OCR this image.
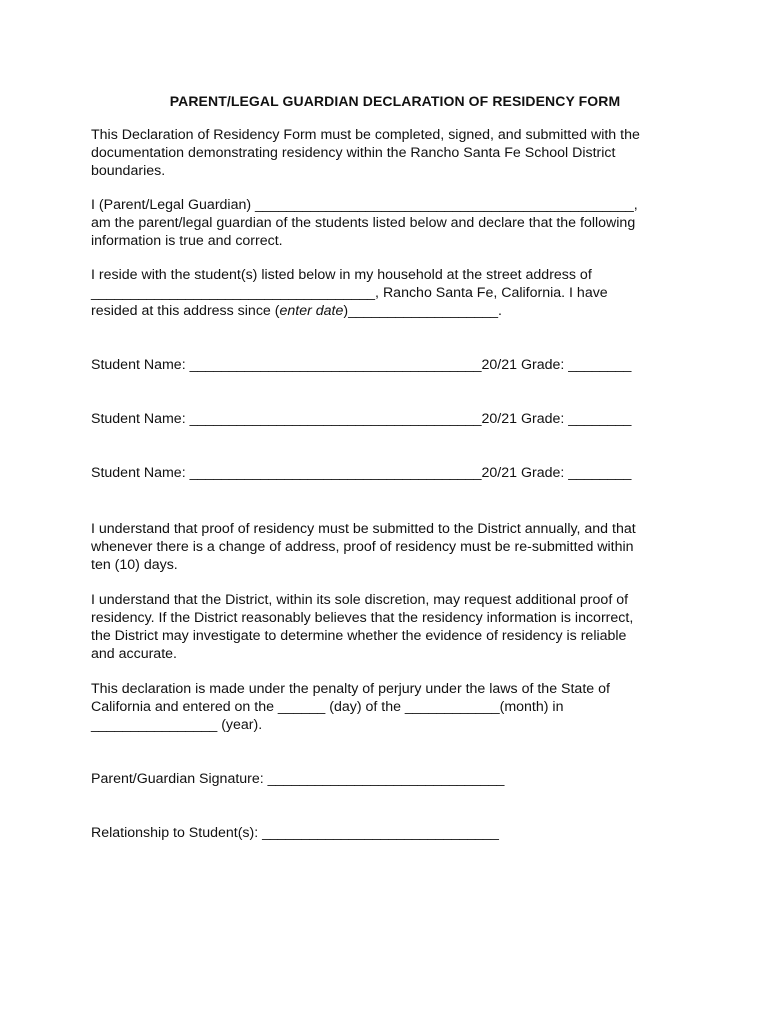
PARENT/LEGAL GUARDIAN DECLARATION OF RESIDENCY FORM

This Declaration of Residency Form must be completed, signed, and submitted with the
documentation demonstrating residency within the Rancho Santa Fe School District
boundaries.

I (Parent/Legal Guardian) ________________________________________________,
am the parent/legal guardian of the students listed below and declare that the following
information is true and correct.

I reside with the student(s) listed below in my household at the street address of
____________________________________, Rancho Santa Fe, California. I have
resided at this address since (enter date)___________________.

Student Name: _____________________________________20/21 Grade: ________

Student Name: _____________________________________20/21 Grade: ________

Student Name: _____________________________________20/21 Grade: ________

I understand that proof of residency must be submitted to the District annually, and that
whenever there is a change of address, proof of residency must be re-submitted within
ten (10) days.

I understand that the District, within its sole discretion, may request additional proof of
residency. If the District reasonably believes that the residency information is incorrect,
the District may investigate to determine whether the evidence of residency is reliable
and accurate.

This declaration is made under the penalty of perjury under the laws of the State of
California and entered on the ______ (day) of the ____________(month) in
________________ (year).

Parent/Guardian Signature: ______________________________

Relationship to Student(s): ______________________________
